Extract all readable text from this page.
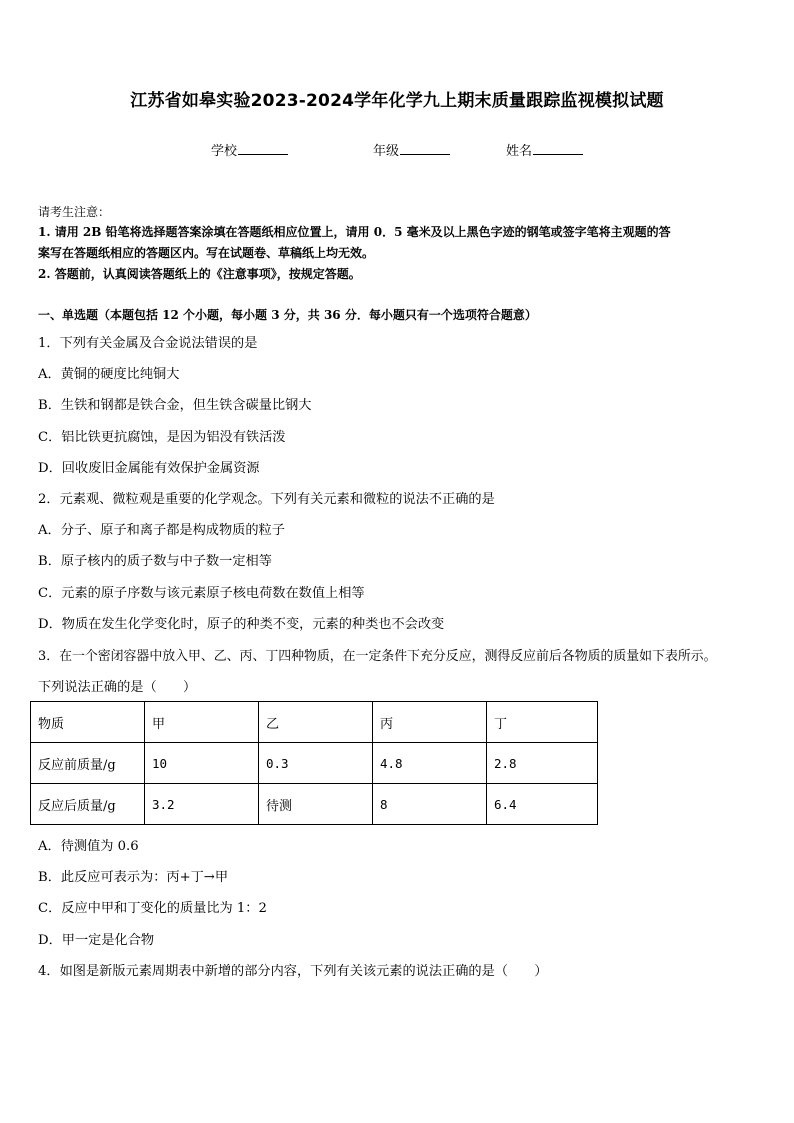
江苏省如皋实验2023-2024学年化学九上期末质量跟踪监视模拟试题
学校	年级	姓名
请考生注意：
1. 请用 2B 铅笔将选择题答案涂填在答题纸相应位置上，请用 0．5 毫米及以上黑色字迹的钢笔或签字笔将主观题的答
案写在答题纸相应的答题区内。写在试题卷、草稿纸上均无效。
2. 答题前，认真阅读答题纸上的《注意事项》，按规定答题。
一、单选题（本题包括 12 个小题，每小题 3 分，共 36 分．每小题只有一个选项符合题意）
1．下列有关金属及合金说法错误的是
A．黄铜的硬度比纯铜大
B．生铁和钢都是铁合金，但生铁含碳量比钢大
C．铝比铁更抗腐蚀，是因为铝没有铁活泼
D．回收废旧金属能有效保护金属资源
2．元素观、微粒观是重要的化学观念。下列有关元素和微粒的说法不正确的是
A．分子、原子和离子都是构成物质的粒子
B．原子核内的质子数与中子数一定相等
C．元素的原子序数与该元素原子核电荷数在数值上相等
D．物质在发生化学变化时，原子的种类不变，元素的种类也不会改变
3．在一个密闭容器中放入甲、乙、丙、丁四种物质，在一定条件下充分反应，测得反应前后各物质的质量如下表所示。
下列说法正确的是（　　）
物质	甲	乙	丙	丁
反应前质量/g	10	0.3	4.8	2.8
反应后质量/g	3.2	待测	8	6.4
A．待测值为 0.6
B．此反应可表示为：丙+丁→甲
C．反应中甲和丁变化的质量比为 1：2
D．甲一定是化合物
4．如图是新版元素周期表中新增的部分内容，下列有关该元素的说法正确的是（　　）
